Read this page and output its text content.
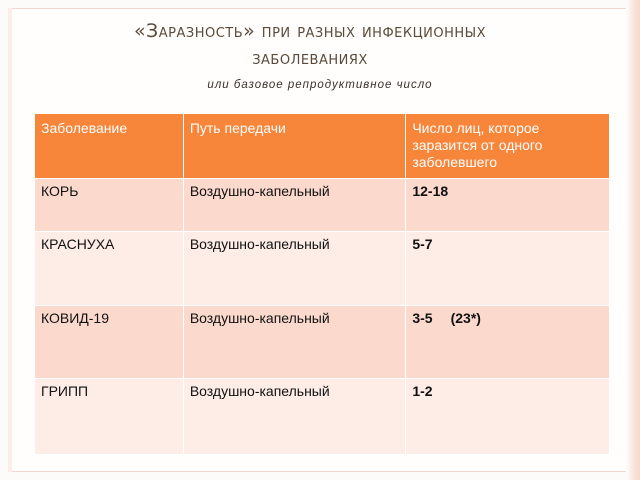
«Заразность» при разных инфекционных
заболеваниях
или базовое репродуктивное число
Заболевание	Путь передачи	Число лиц, которое заразится от одного заболевшего
КОРЬ	Воздушно-капельный	12-18
КРАСНУХА	Воздушно-капельный	5-7
КОВИД-19	Воздушно-капельный	3-5 (23*)
ГРИПП	Воздушно-капельный	1-2
